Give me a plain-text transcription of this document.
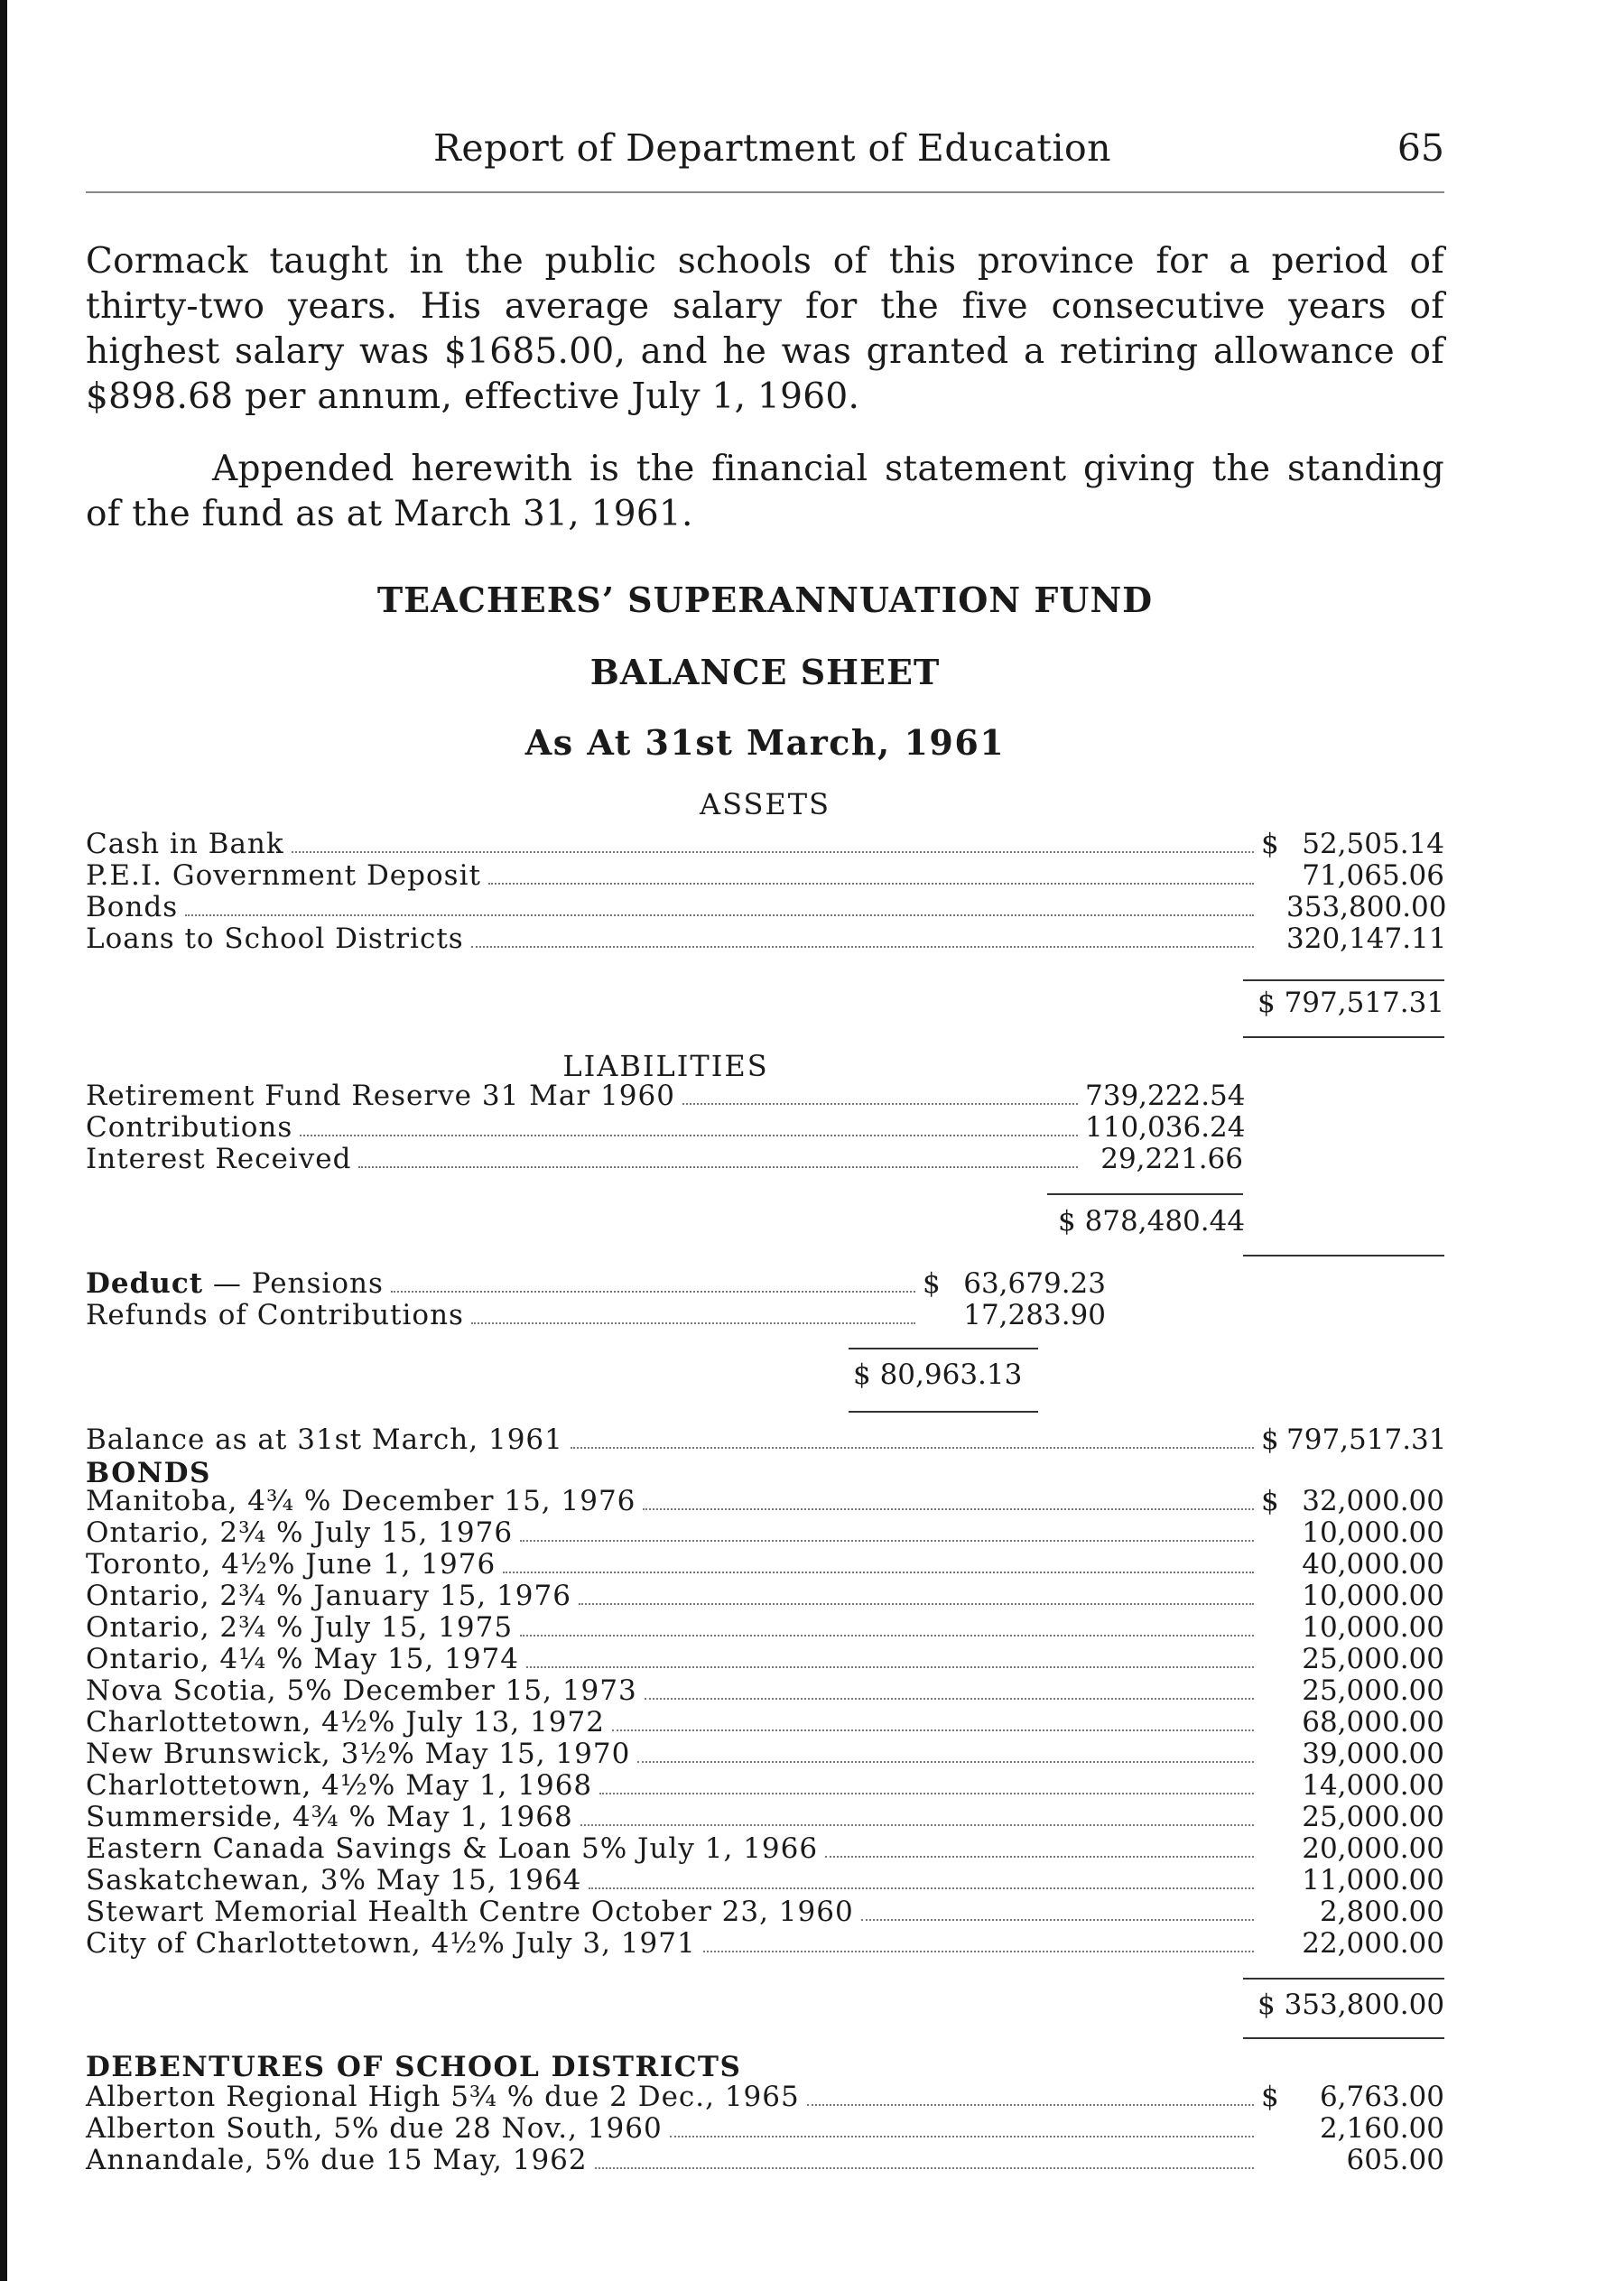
Report of Department of Education	65
Cormack taught in the public schools of this province for a period of thirty-two years. His average salary for the five consecutive years of highest salary was $1685.00, and he was granted a retiring allowance of $898.68 per annum, effective July 1, 1960.
Appended herewith is the financial statement giving the standing of the fund as at March 31, 1961.
TEACHERS’ SUPERANNUATION FUND
BALANCE SHEET
As At 31st March, 1961
ASSETS
Cash in Bank	$ 52,505.14
P.E.I. Government Deposit	71,065.06
Bonds	353,800.00
Loans to School Districts	320,147.11
$ 797,517.31
LIABILITIES
Retirement Fund Reserve 31 Mar 1960	739,222.54
Contributions	110,036.24
Interest Received	29,221.66
$ 878,480.44
Deduct — Pensions	$ 63,679.23
Refunds of Contributions	17,283.90
$ 80,963.13
Balance as at 31st March, 1961	$ 797,517.31
BONDS
Manitoba, 4¾ % December 15, 1976	$ 32,000.00
Ontario, 2¾ % July 15, 1976	10,000.00
Toronto, 4½% June 1, 1976	40,000.00
Ontario, 2¾ % January 15, 1976	10,000.00
Ontario, 2¾ % July 15, 1975	10,000.00
Ontario, 4¼ % May 15, 1974	25,000.00
Nova Scotia, 5% December 15, 1973	25,000.00
Charlottetown, 4½% July 13, 1972	68,000.00
New Brunswick, 3½% May 15, 1970	39,000.00
Charlottetown, 4½% May 1, 1968	14,000.00
Summerside, 4¾ % May 1, 1968	25,000.00
Eastern Canada Savings & Loan 5% July 1, 1966	20,000.00
Saskatchewan, 3% May 15, 1964	11,000.00
Stewart Memorial Health Centre October 23, 1960	2,800.00
City of Charlottetown, 4½% July 3, 1971	22,000.00
$ 353,800.00
DEBENTURES OF SCHOOL DISTRICTS
Alberton Regional High 5¾ % due 2 Dec., 1965	$	6,763.00
Alberton South, 5% due 28 Nov., 1960	2,160.00
Annandale, 5% due 15 May, 1962	605.00
